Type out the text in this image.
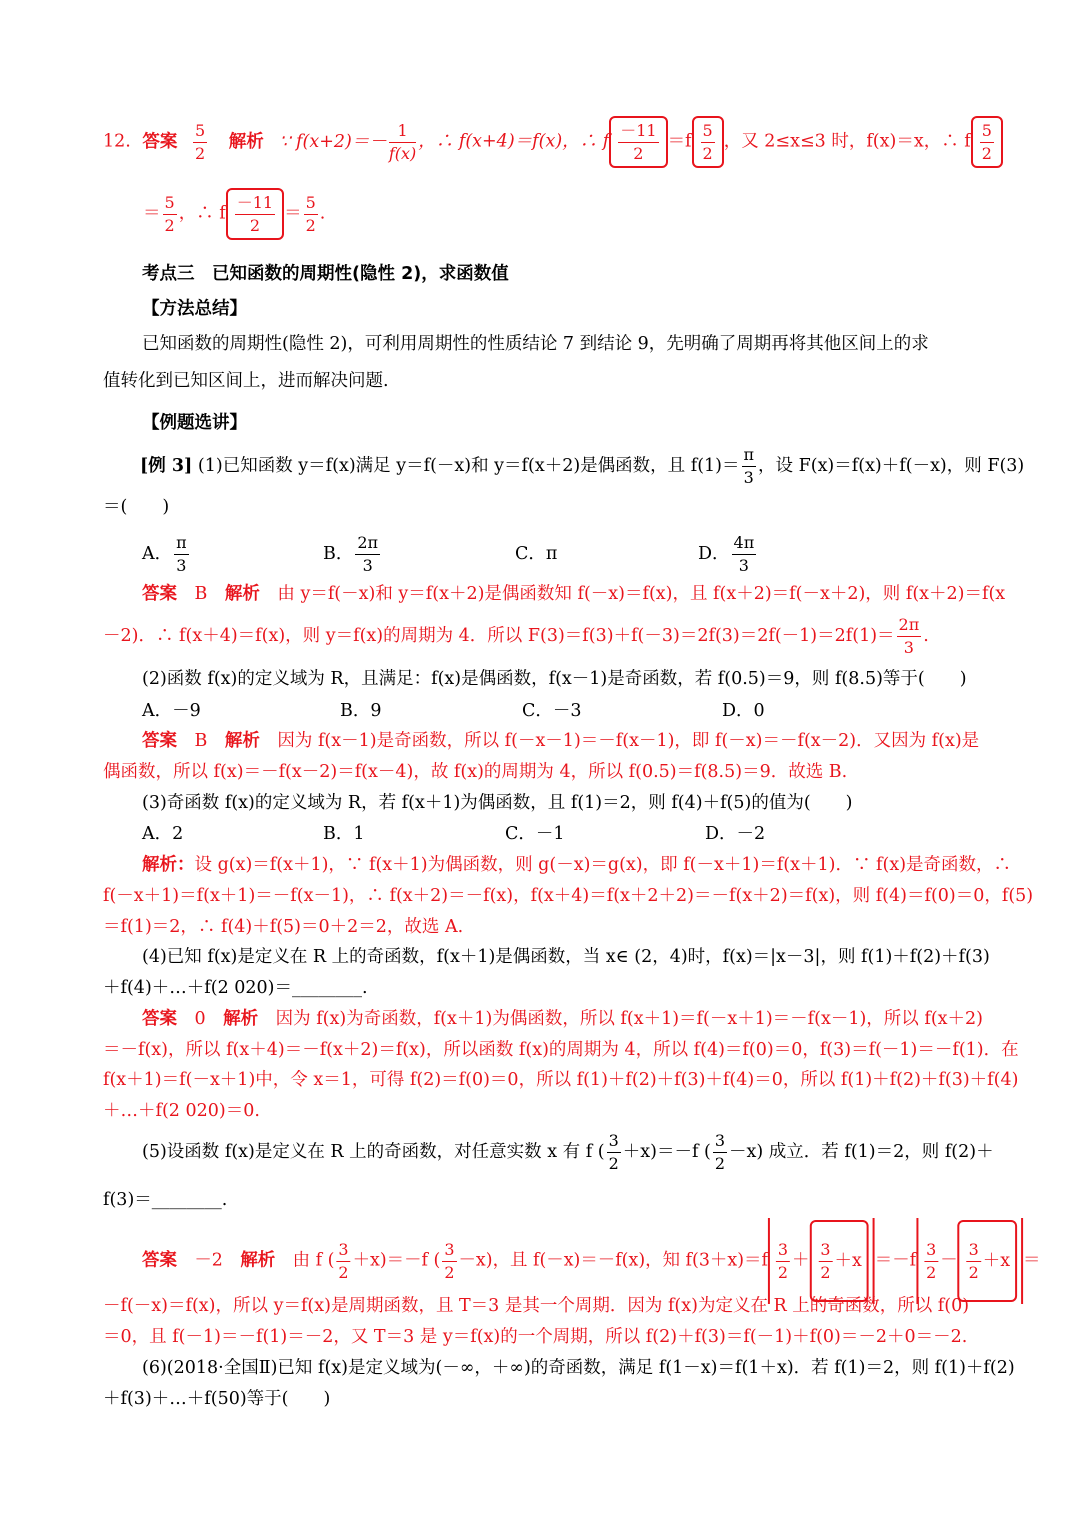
12. 答案 $\frac{5}{2}$ 解析 ∵ $f(x+2)=- \frac{1}{f(x)}$ ，∴ f(x+4)＝f(x)，∴ f $\frac{-11}{2} =f \frac{5}{2}$ ，又 2≤x≤3 时，f(x)＝x，∴ f $\frac{5}{2}$
＝ $\frac{5}{2}$ ，∴ f $\frac{-11}{2} = \frac{5}{2}$ .
考点三　已知函数的周期性(隐性 2)，求函数值
【方法总结】
已知函数的周期性(隐性 2)，可利用周期性的性质结论 7 到结论 9，先明确了周期再将其他区间上的求
值转化到已知区间上，进而解决问题.
【例题选讲】
[例 3] (1)已知函数 y＝f(x)满足 y＝f(－x)和 y＝f(x＋2)是偶函数，且 $f(1)= \frac{\pi}{3}$ ，设 F(x)＝f(x)＋f(－x)，则 F(3)
＝(　　)
A． $\frac{\pi}{3}$	B． $\frac{2\pi}{3}$	C．π	D． $\frac{4\pi}{3}$
答案　 B　 解析　 由 y＝f(－x)和 y＝f(x＋2)是偶函数知 f(－x)＝f(x)，且 f(x＋2)＝f(－x＋2)，则 f(x＋2)＝f(x
－2)．∴ f(x＋4)＝f(x)，则 y＝f(x)的周期为 4．所以 $F(3)=f(3)+f(-3)=2f(3)=2f(-1)=2f(1)= \frac{2\pi}{3}$ .
(2)函数 f(x)的定义域为 R，且满足：f(x)是偶函数，f(x－1)是奇函数，若 f(0.5)＝9，则 f(8.5)等于(　　)
A．－9	B．9	C．－3	D．0
答案　 B　 解析　 因为 f(x－1)是奇函数，所以 f(－x－1)＝－f(x－1)，即 f(－x)＝－f(x－2)．又因为 f(x)是
偶函数，所以 f(x)＝－f(x－2)＝f(x－4)，故 f(x)的周期为 4，所以 f(0.5)＝f(8.5)＝9．故选 B.
(3)奇函数 f(x)的定义域为 R，若 f(x＋1)为偶函数，且 f(1)＝2，则 f(4)＋f(5)的值为(　　)
A．2	B．1	C．－1	D．－2
解析：设 g(x)＝f(x＋1)，∵ f(x＋1)为偶函数，则 g(－x)＝g(x)，即 f(－x＋1)＝f(x＋1)．∵ f(x)是奇函数，∴
f(－x＋1)＝f(x＋1)＝－f(x－1)，∴ f(x＋2)＝－f(x)，f(x＋4)＝f(x＋2＋2)＝－f(x＋2)＝f(x)，则 f(4)＝f(0)＝0，f(5)
＝f(1)＝2，∴ f(4)＋f(5)＝0＋2＝2，故选 A.
(4)已知 f(x)是定义在 R 上的奇函数，f(x＋1)是偶函数，当 x∈ (2，4)时，f(x)＝|x－3|，则 f(1)＋f(2)＋f(3)
＋f(4)＋…＋f(2 020)＝________.
答案　 0　 解析　 因为 f(x)为奇函数，f(x＋1)为偶函数，所以 f(x＋1)＝f(－x＋1)＝－f(x－1)，所以 f(x＋2)
＝－f(x)，所以 f(x＋4)＝－f(x＋2)＝f(x)，所以函数 f(x)的周期为 4，所以 f(4)＝f(0)＝0，f(3)＝f(－1)＝－f(1)．在
f(x＋1)＝f(－x＋1)中，令 x＝1，可得 f(2)＝f(0)＝0，所以 f(1)＋f(2)＋f(3)＋f(4)＝0，所以 f(1)＋f(2)＋f(3)＋f(4)
＋…＋f(2 020)＝0.
(5)设函数 f(x)是定义在 R 上的奇函数，对任意实数 x 有 f ( $\frac{3}{2} +x)=-f$ ( $\frac{3}{2} -x$) 成立．若 f(1)＝2，则 f(2)＋
f(3)＝________.
答案　 －2　 解析　 由 f ( $\frac{3}{2} +x)=-f$ ( $\frac{3}{2} -x$)，且 f(－x)＝－f(x)，知 $f(3+x)=f \frac{3}{2} + \frac{3}{2} +x =-f \frac{3}{2} - \frac{3}{2} +x$ ＝
－f(－x)＝f(x)，所以 y＝f(x)是周期函数，且 T＝3 是其一个周期．因为 f(x)为定义在 R 上的奇函数，所以 f(0)
＝0，且 f(－1)＝－f(1)＝－2，又 T＝3 是 y＝f(x)的一个周期，所以 f(2)＋f(3)＝f(－1)＋f(0)＝－2＋0＝－2.
(6)(2018·全国Ⅱ)已知 f(x)是定义域为(－∞，＋∞)的奇函数，满足 f(1－x)＝f(1＋x)．若 f(1)＝2，则 f(1)＋f(2)
＋f(3)＋…＋f(50)等于(　　)
